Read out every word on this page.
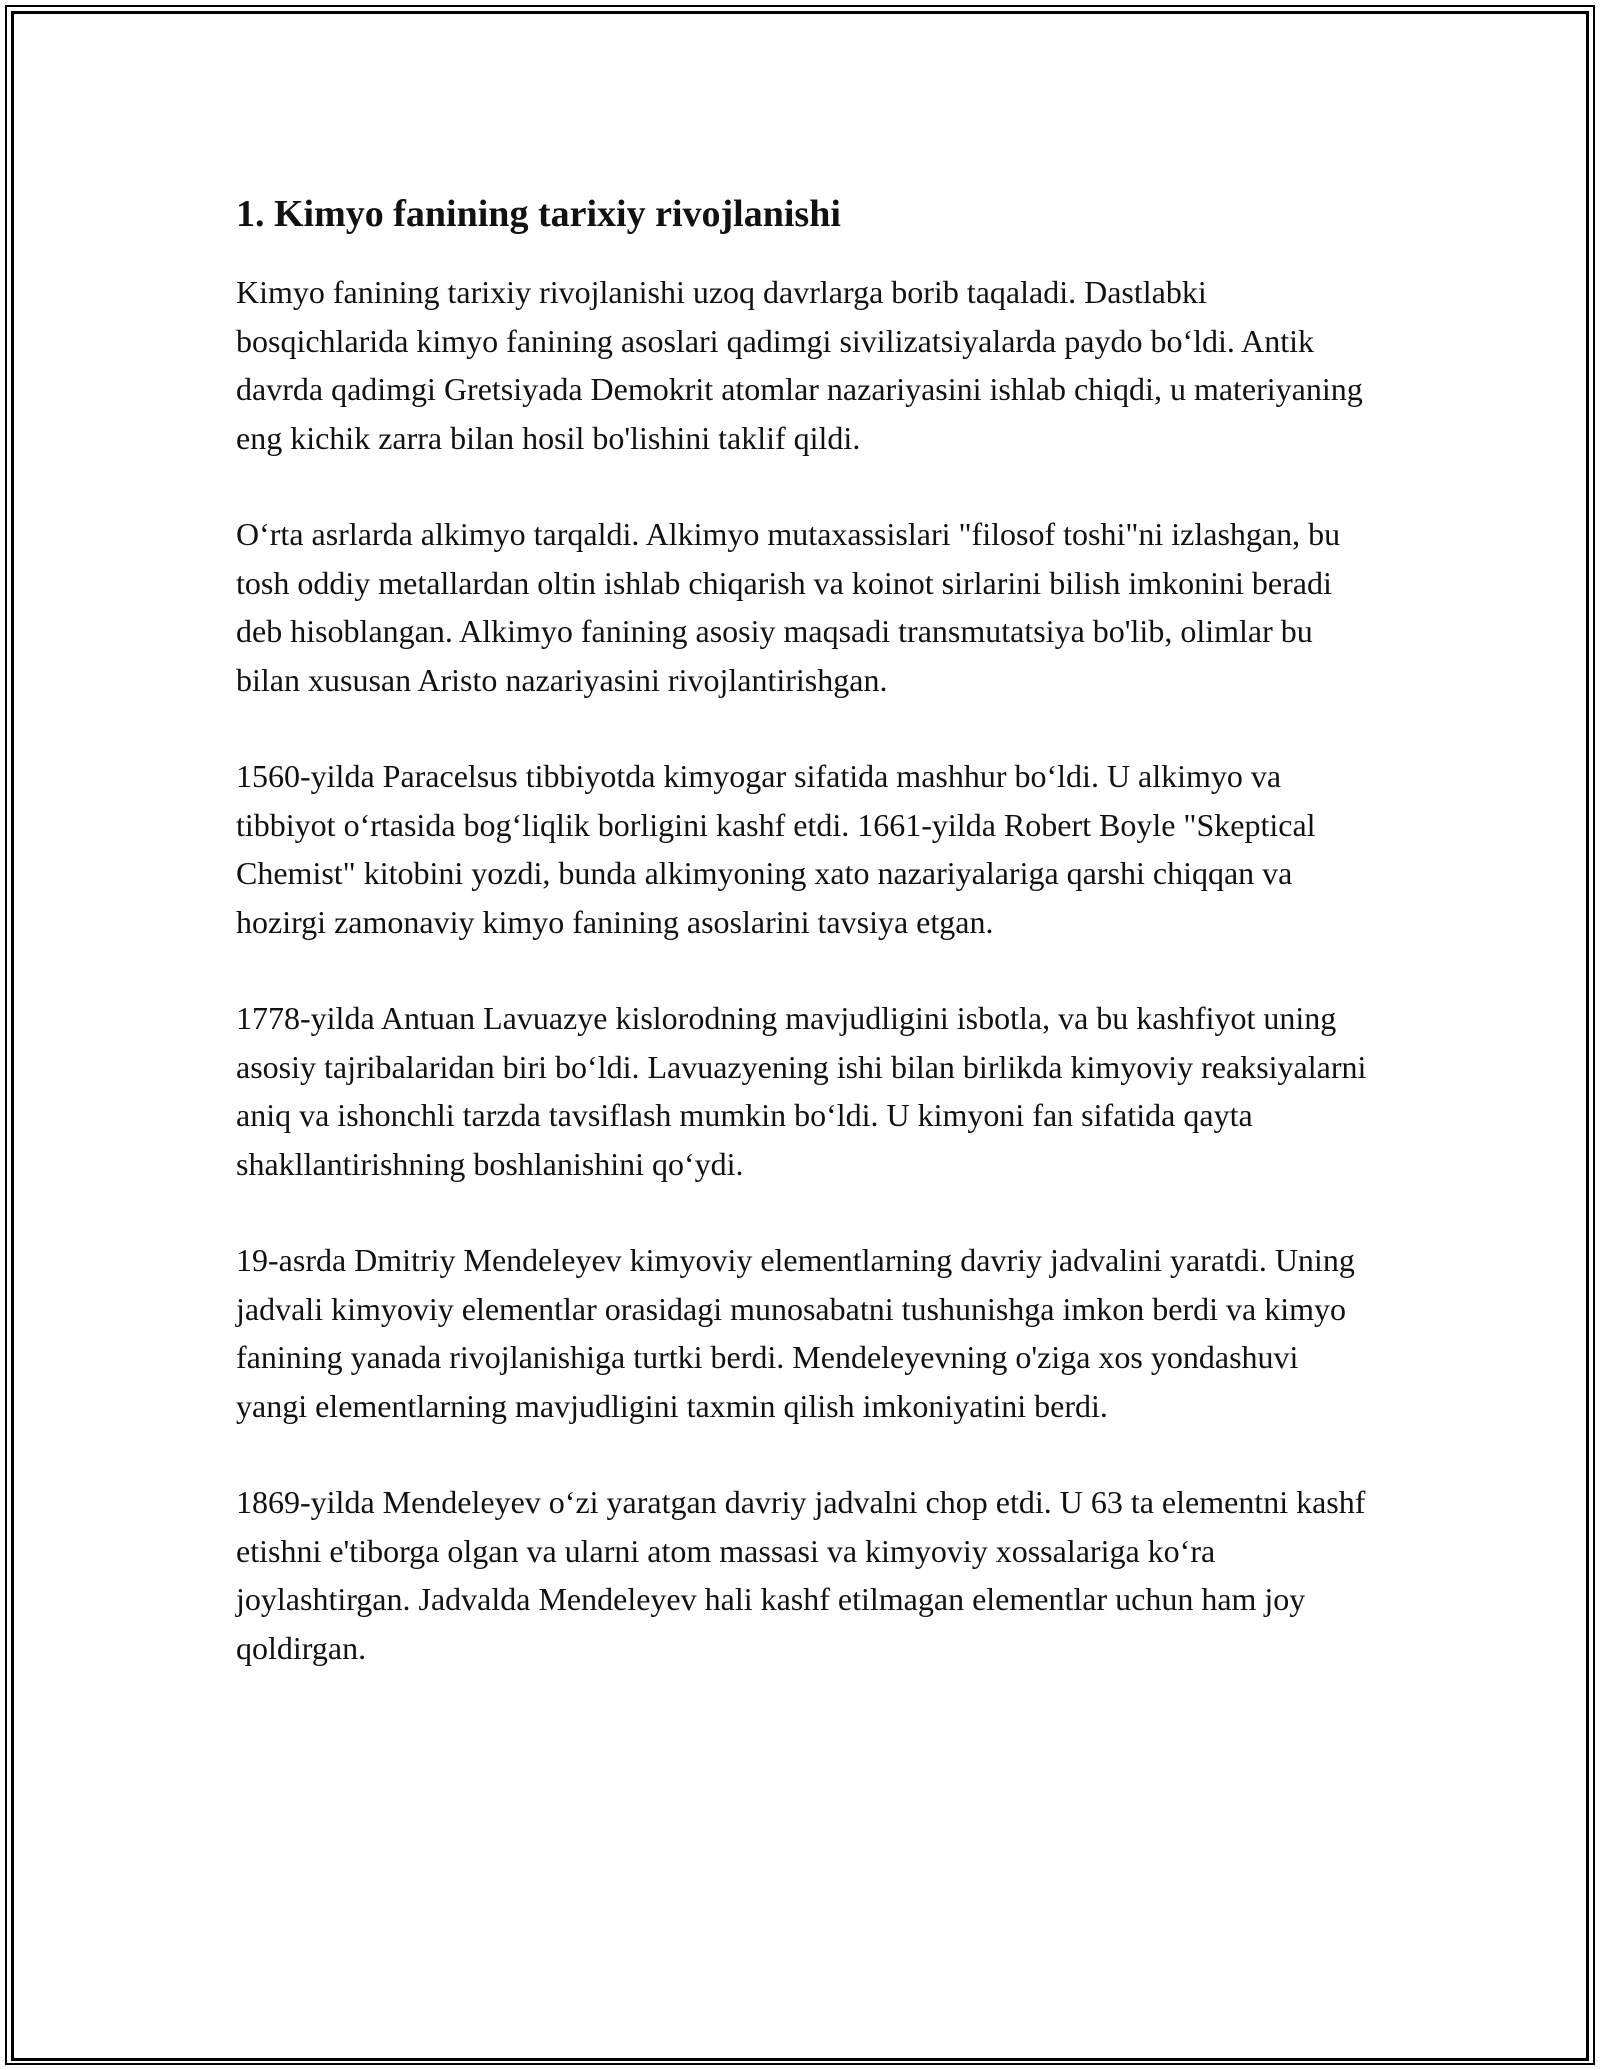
1. Kimyo fanining tarixiy rivojlanishi

Kimyo fanining tarixiy rivojlanishi uzoq davrlarga borib taqaladi. Dastlabki bosqichlarida kimyo fanining asoslari qadimgi sivilizatsiyalarda paydo bo‘ldi. Antik davrda qadimgi Gretsiyada Demokrit atomlar nazariyasini ishlab chiqdi, u materiyaning eng kichik zarra bilan hosil bo'lishini taklif qildi.

O‘rta asrlarda alkimyo tarqaldi. Alkimyo mutaxassislari "filosof toshi"ni izlashgan, bu tosh oddiy metallardan oltin ishlab chiqarish va koinot sirlarini bilish imkonini beradi deb hisoblangan. Alkimyo fanining asosiy maqsadi transmutatsiya bo'lib, olimlar bu bilan xususan Aristo nazariyasini rivojlantirishgan.

1560-yilda Paracelsus tibbiyotda kimyogar sifatida mashhur bo‘ldi. U alkimyo va tibbiyot o‘rtasida bog‘liqlik borligini kashf etdi. 1661-yilda Robert Boyle "Skeptical Chemist" kitobini yozdi, bunda alkimyoning xato nazariyalariga qarshi chiqqan va hozirgi zamonaviy kimyo fanining asoslarini tavsiya etgan.

1778-yilda Antuan Lavuazye kislorodning mavjudligini isbotla, va bu kashfiyot uning asosiy tajribalaridan biri bo‘ldi. Lavuazyening ishi bilan birlikda kimyoviy reaksiyalarni aniq va ishonchli tarzda tavsiflash mumkin bo‘ldi. U kimyoni fan sifatida qayta shakllantirishning boshlanishini qo‘ydi.

19-asrda Dmitriy Mendeleyev kimyoviy elementlarning davriy jadvalini yaratdi. Uning jadvali kimyoviy elementlar orasidagi munosabatni tushunishga imkon berdi va kimyo fanining yanada rivojlanishiga turtki berdi. Mendeleyevning o'ziga xos yondashuvi yangi elementlarning mavjudligini taxmin qilish imkoniyatini berdi.

1869-yilda Mendeleyev o‘zi yaratgan davriy jadvalni chop etdi. U 63 ta elementni kashf etishni e'tiborga olgan va ularni atom massasi va kimyoviy xossalariga ko‘ra joylashtirgan. Jadvalda Mendeleyev hali kashf etilmagan elementlar uchun ham joy qoldirgan.
